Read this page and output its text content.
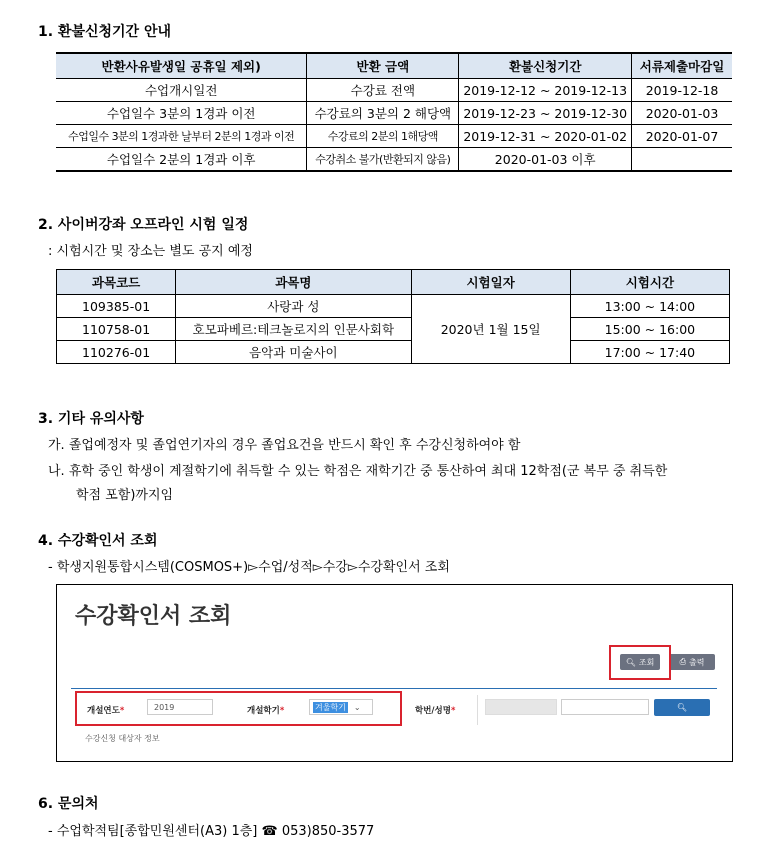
1. 환불신청기간 안내
반환사유발생일 공휴일 제외)	반환 금액	환불신청기간	서류제출마감일
수업개시일전	수강료 전액	2019-12-12 ~ 2019-12-13	2019-12-18
수업일수 3분의 1경과 이전	수강료의 3분의 2 해당액	2019-12-23 ~ 2019-12-30	2020-01-03
수업일수 3분의 1경과한 날부터 2분의 1경과 이전	수강료의 2분의 1해당액	2019-12-31 ~ 2020-01-02	2020-01-07
수업일수 2분의 1경과 이후	수강취소 불가(반환되지 않음)	2020-01-03 이후	
2. 사이버강좌 오프라인 시험 일정
: 시험시간 및 장소는 별도 공지 예정
과목코드	과목명	시험일자	시험시간
109385-01	사랑과 성	2020년 1월 15일	13:00 ~ 14:00
110758-01	호모파베르:테크놀로지의 인문사회학		15:00 ~ 16:00
110276-01	음악과 미술사이		17:00 ~ 17:40
3. 기타 유의사항
가. 졸업예정자 및 졸업연기자의 경우 졸업요건을 반드시 확인 후 수강신청하여야 함
나. 휴학 중인 학생이 계절학기에 취득할 수 있는 학점은 재학기간 중 통산하여 최대 12학점(군 복무 중 취득한
학점 포함)까지임
4. 수강확인서 조회
- 학생지원통합시스템(COSMOS+)▻수업/성적▻수강▻수강확인서 조회
수강확인서 조회
🔍︎ 조회	⎙ 출력
개설연도*	2019	개설학기*	겨울학기 ⌄	학번/성명*	🔍︎
수강신청 대상자 정보
6. 문의처
- 수업학적팀[종합민원센터(A3) 1층] ☎ 053)850-3577
